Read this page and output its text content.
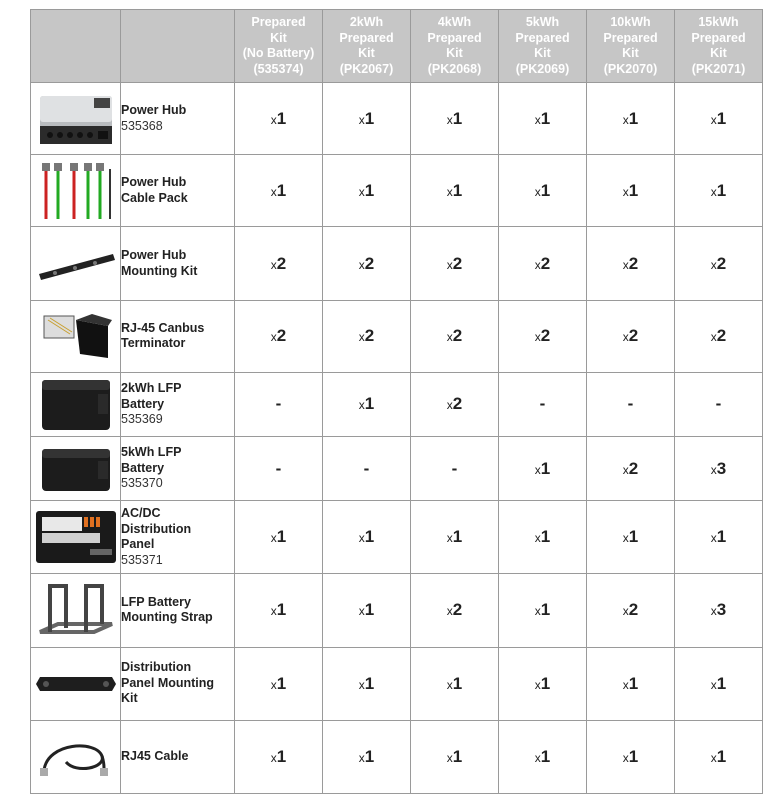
		Prepared
Kit
(No Battery)
(535374)	2kWh
Prepared
Kit
(PK2067)	4kWh
Prepared
Kit
(PK2068)	5kWh
Prepared
Kit
(PK2069)	10kWh
Prepared
Kit
(PK2070)	15kWh
Prepared
Kit
(PK2071)

Power Hub
535368	x1	x1	x1	x1	x1	x1

Power Hub
Cable Pack	x1	x1	x1	x1	x1	x1

Power Hub
Mounting Kit	x2	x2	x2	x2	x2	x2

RJ-45 Canbus
Terminator	x2	x2	x2	x2	x2	x2

2kWh LFP
Battery
535369	-	x1	x2	-	-	-

5kWh LFP
Battery
535370	-	-	-	x1	x2	x3

AC/DC
Distribution
Panel
535371	x1	x1	x1	x1	x1	x1

LFP Battery
Mounting Strap	x1	x1	x2	x1	x2	x3

Distribution
Panel Mounting
Kit	x1	x1	x1	x1	x1	x1

RJ45 Cable	x1	x1	x1	x1	x1	x1
